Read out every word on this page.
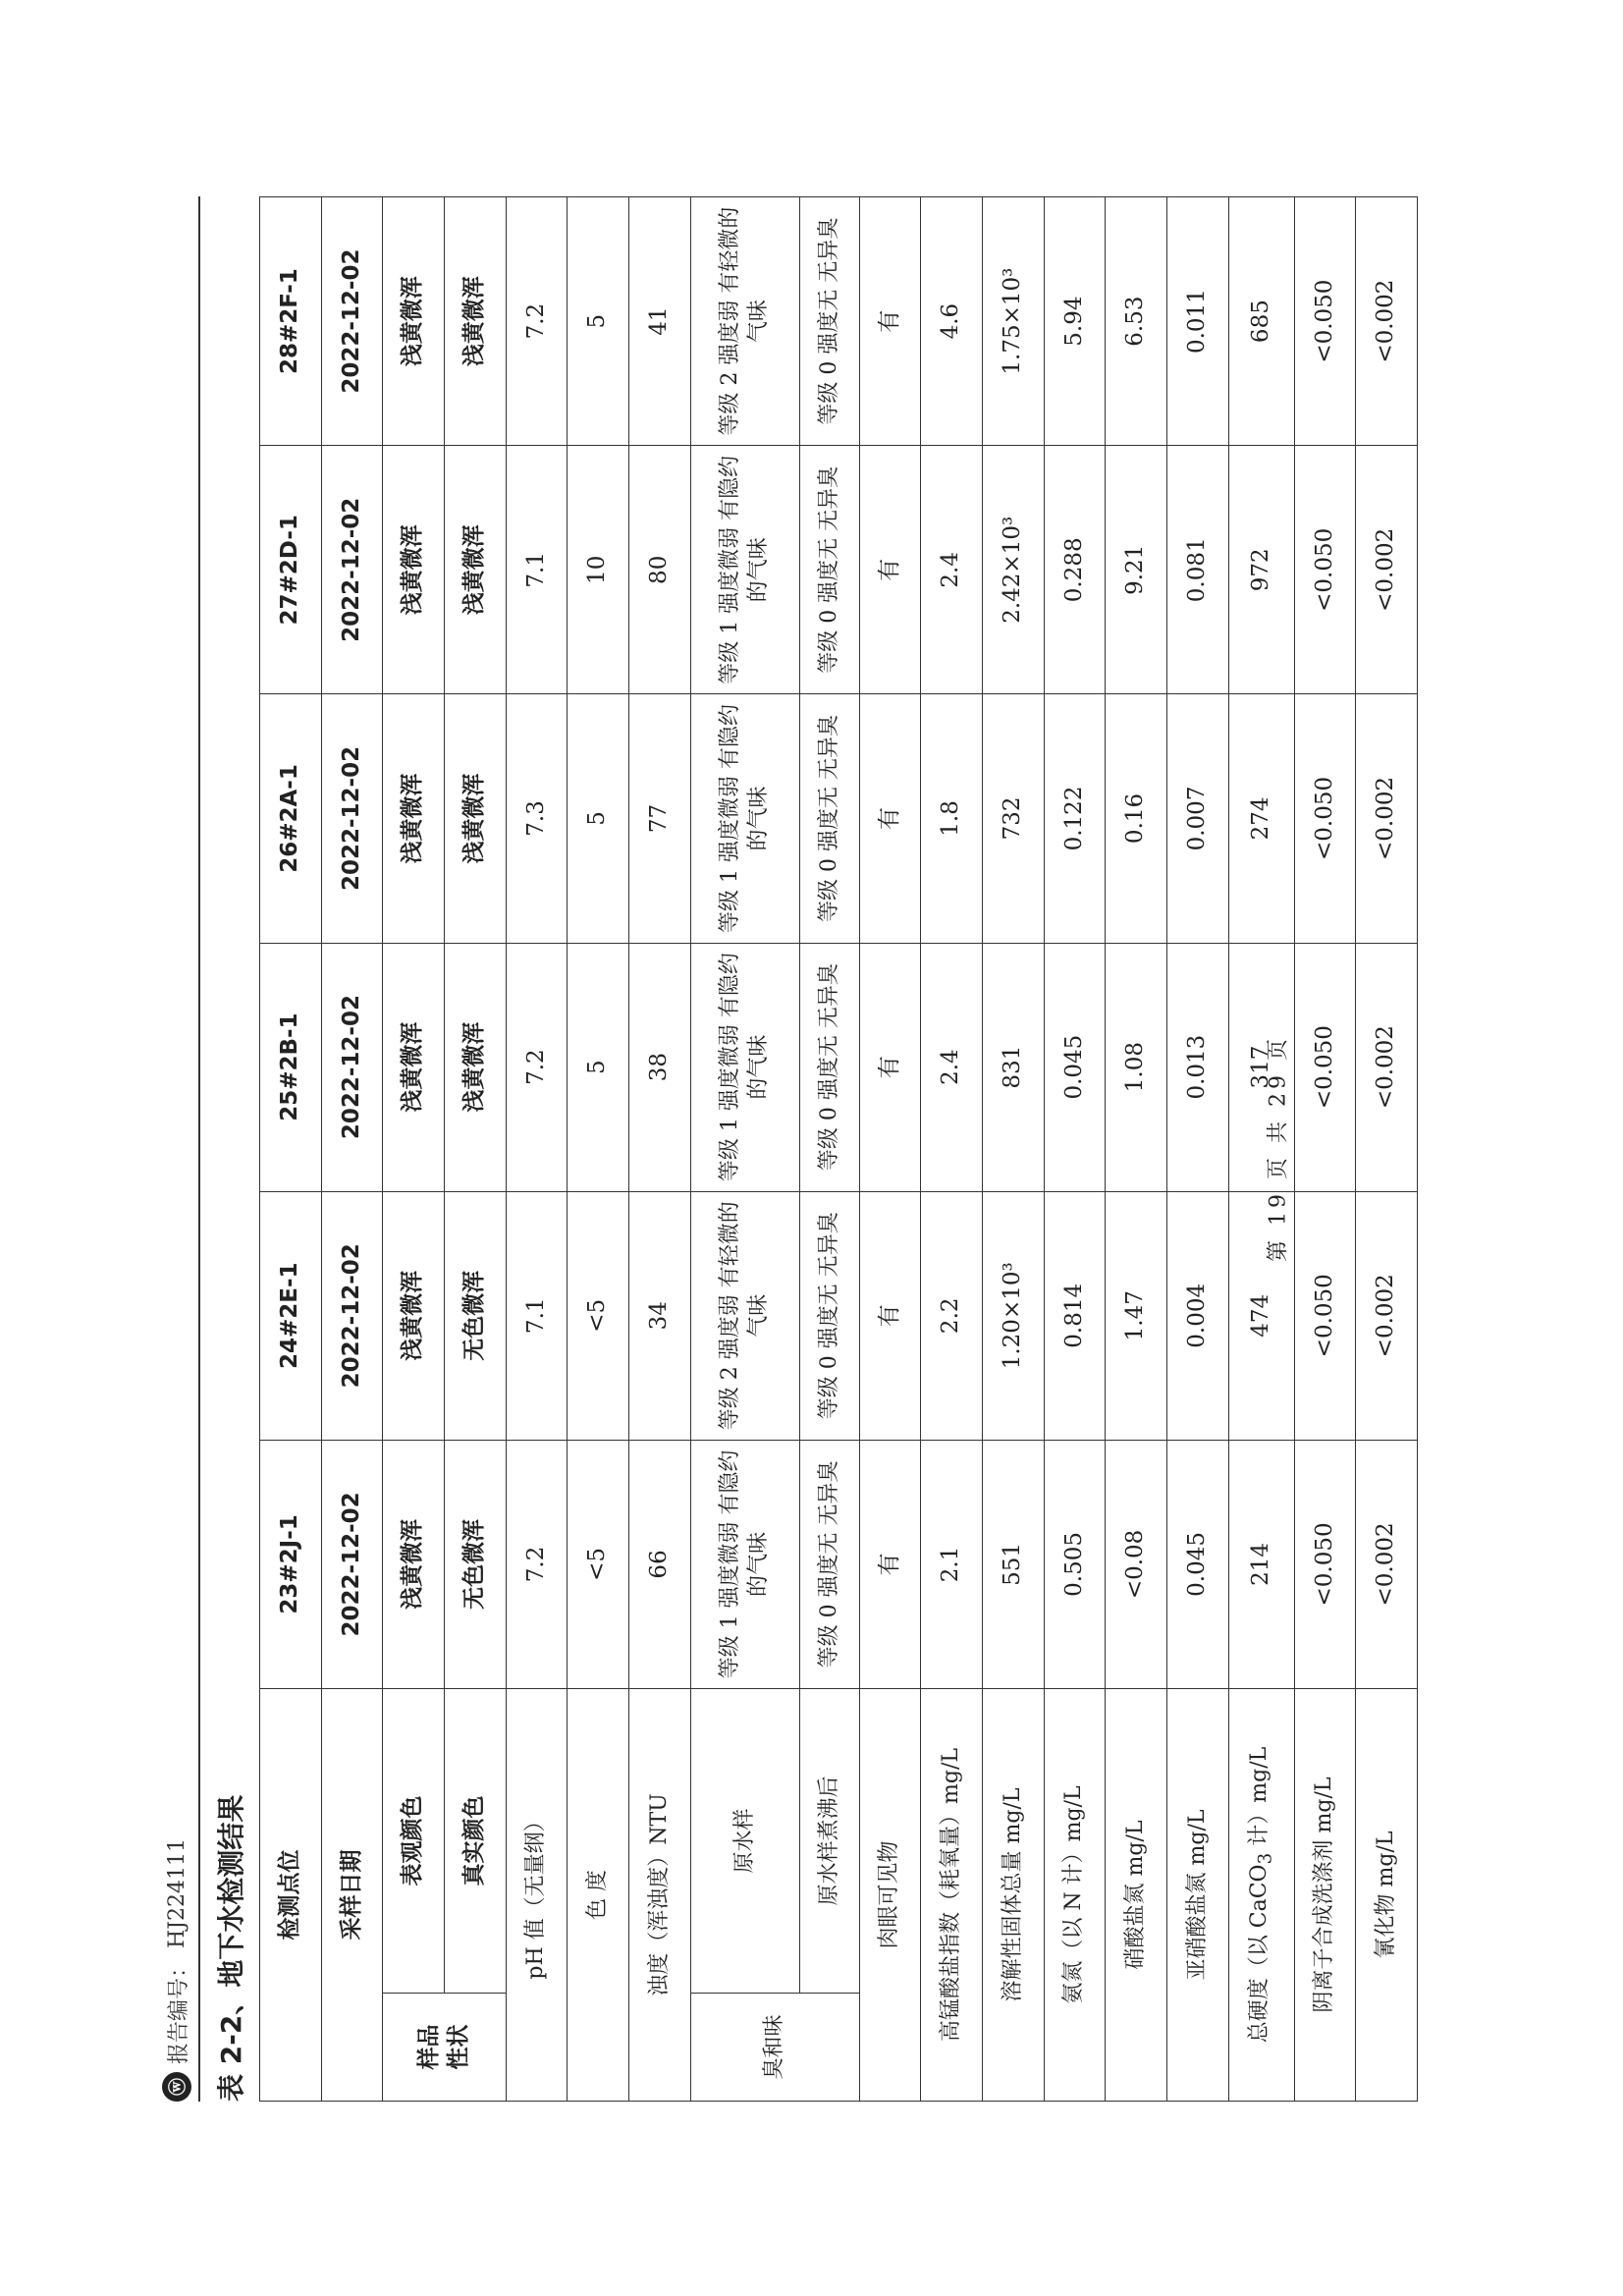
ⓦ
报告编号：
HJ224111 表 2-2、地下水检测结果 检测点位		23#2J-1	24#2E-1	25#2B-1	26#2A-1	27#2D-1	28#2F-1
采样日期		2022-12-02	2022-12-02	2022-12-02	2022-12-02	2022-12-02	2022-12-02
样品
性状	表观颜色	浅黄微浑	浅黄微浑	浅黄微浑	浅黄微浑	浅黄微浑	浅黄微浑
	真实颜色	无色微浑	无色微浑	浅黄微浑	浅黄微浑	浅黄微浑	浅黄微浑
pH 值（无量纲）		7.2	7.1	7.2	7.3	7.1	7.2
色 度		<5	<5	5	5	10	5
浊度（浑浊度）NTU		66	34	38	77	80	41
臭和味	原水样	等级 1 强度微弱 有隐约的气味	等级 2 强度弱 有轻微的气味	等级 1 强度微弱 有隐约的气味	等级 1 强度微弱 有隐约的气味	等级 1 强度微弱 有隐约的气味	等级 2 强度弱 有轻微的气味
	原水样煮沸后	等级 0 强度无 无异臭	等级 0 强度无 无异臭	等级 0 强度无 无异臭	等级 0 强度无 无异臭	等级 0 强度无 无异臭	等级 0 强度无 无异臭
肉眼可见物		有	有	有	有	有	有
高锰酸盐指数（耗氧量）mg/L		2.1	2.2	2.4	1.8	2.4	4.6
溶解性固体总量 mg/L		551	1.20×10³	831	732	2.42×10³	1.75×10³
氨氮（以 N 计）mg/L		0.505	0.814	0.045	0.122	0.288	5.94
硝酸盐氮 mg/L		<0.08	1.47	1.08	0.16	9.21	6.53
亚硝酸盐氮 mg/L		0.045	0.004	0.013	0.007	0.081	0.011
总硬度（以 CaCO$_3$ 计）mg/L		214	474	317	274	972	685
阴离子合成洗涤剂 mg/L		<0.050	<0.050	<0.050	<0.050	<0.050	<0.050
氰化物 mg/L		<0.002	<0.002	<0.002	<0.002	<0.002	<0.002
第 19 页 共 29 页
